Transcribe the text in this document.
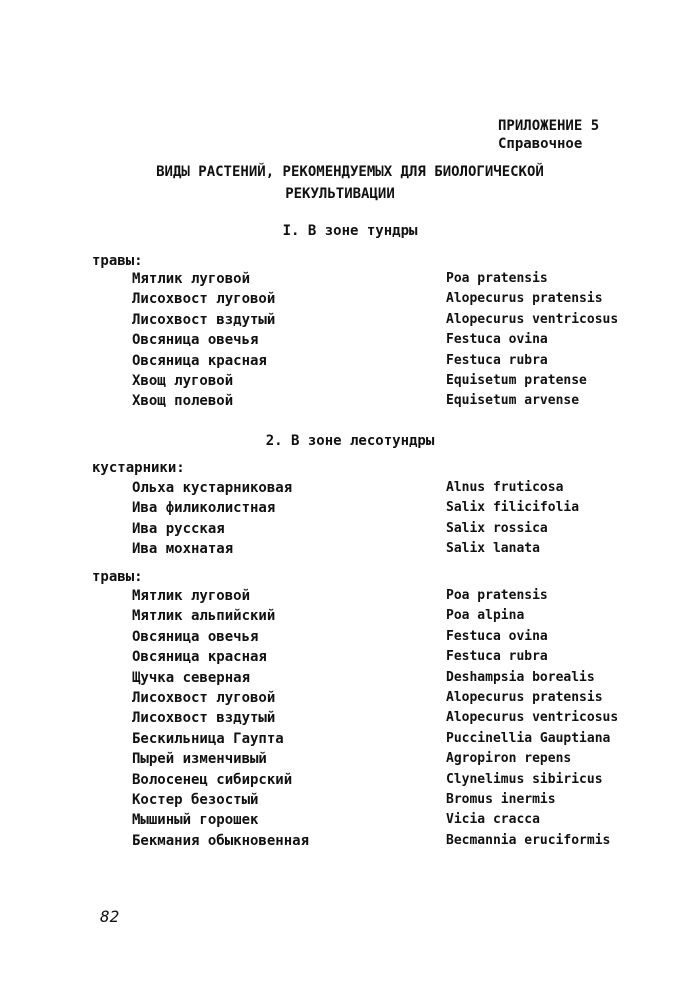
ПРИЛОЖЕНИЕ 5
Справочное
ВИДЫ РАСТЕНИЙ, РЕКОМЕНДУЕМЫХ ДЛЯ БИОЛОГИЧЕСКОЙ
РЕКУЛЬТИВАЦИИ
I. В зоне тундры
травы:
Мятлик луговой	Poa pratensis
Лисохвост луговой	Alopecurus pratensis
Лисохвост вздутый	Alopecurus ventricosus
Овсяница овечья	Festuca ovina
Овсяница красная	Festuca rubra
Хвощ луговой	Equisetum pratense
Хвощ полевой	Equisetum arvense
2. В зоне лесотундры
кустарники:
Ольха кустарниковая	Alnus fruticosa
Ива филиколистная	Salix filicifolia
Ива русская	Salix rossica
Ива мохнатая	Salix lanata
травы:
Мятлик луговой	Poa pratensis
Мятлик альпийский	Poa alpina
Овсяница овечья	Festuca ovina
Овсяница красная	Festuca rubra
Щучка северная	Deshampsia borealis
Лисохвост луговой	Alopecurus pratensis
Лисохвост вздутый	Alopecurus ventricosus
Бескильница Гаупта	Puccinellia Gauptiana
Пырей изменчивый	Agropiron repens
Волосенец сибирский	Clynelimus sibiricus
Костер безостый	Bromus inermis
Мышиный горошек	Vicia cracca
Бекмания обыкновенная	Becmannia eruciformis
82
